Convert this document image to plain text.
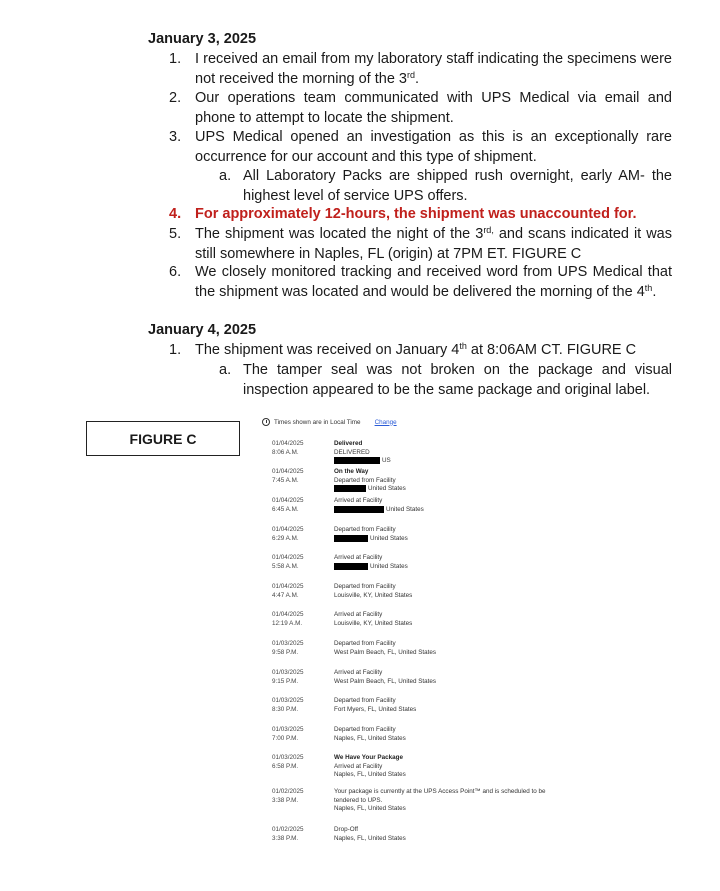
January 3, 2025
1. I received an email from my laboratory staff indicating the specimens were not received the morning of the 3rd.
2. Our operations team communicated with UPS Medical via email and phone to attempt to locate the shipment.
3. UPS Medical opened an investigation as this is an exceptionally rare occurrence for our account and this type of shipment.
a. All Laboratory Packs are shipped rush overnight, early AM- the highest level of service UPS offers.
4. For approximately 12-hours, the shipment was unaccounted for.
5. The shipment was located the night of the $3^{rd,}$ and scans indicated it was still somewhere in Naples, FL (origin) at 7PM ET. FIGURE C
6. We closely monitored tracking and received word from UPS Medical that the shipment was located and would be delivered the morning of the 4th.
January 4, 2025
1. The shipment was received on January 4th at 8:06AM CT. FIGURE C
a. The tamper seal was not broken on the package and visual inspection appeared to be the same package and original label.
FIGURE C
Times shown are in Local Time Change
01/04/2025
8:06 A.M.
Delivered
DELIVERED
US
01/04/2025
7:45 A.M.
On the Way
Departed from Facility
United States
01/04/2025
6:45 A.M.
Arrived at Facility
United States
01/04/2025
6:29 A.M.
Departed from Facility
United States
01/04/2025
5:58 A.M.
Arrived at Facility
United States
01/04/2025
4:47 A.M.
Departed from Facility
Louisville, KY, United States
01/04/2025
12:19 A.M.
Arrived at Facility
Louisville, KY, United States
01/03/2025
9:58 P.M.
Departed from Facility
West Palm Beach, FL, United States
01/03/2025
9:15 P.M.
Arrived at Facility
West Palm Beach, FL, United States
01/03/2025
8:30 P.M.
Departed from Facility
Fort Myers, FL, United States
01/03/2025
7:00 P.M.
Departed from Facility
Naples, FL, United States
01/03/2025
6:58 P.M.
We Have Your Package
Arrived at Facility
Naples, FL, United States
01/02/2025
3:38 P.M.
Your package is currently at the UPS Access Point™ and is scheduled to be
tendered to UPS.
Naples, FL, United States
01/02/2025
3:38 P.M.
Drop-Off
Naples, FL, United States
